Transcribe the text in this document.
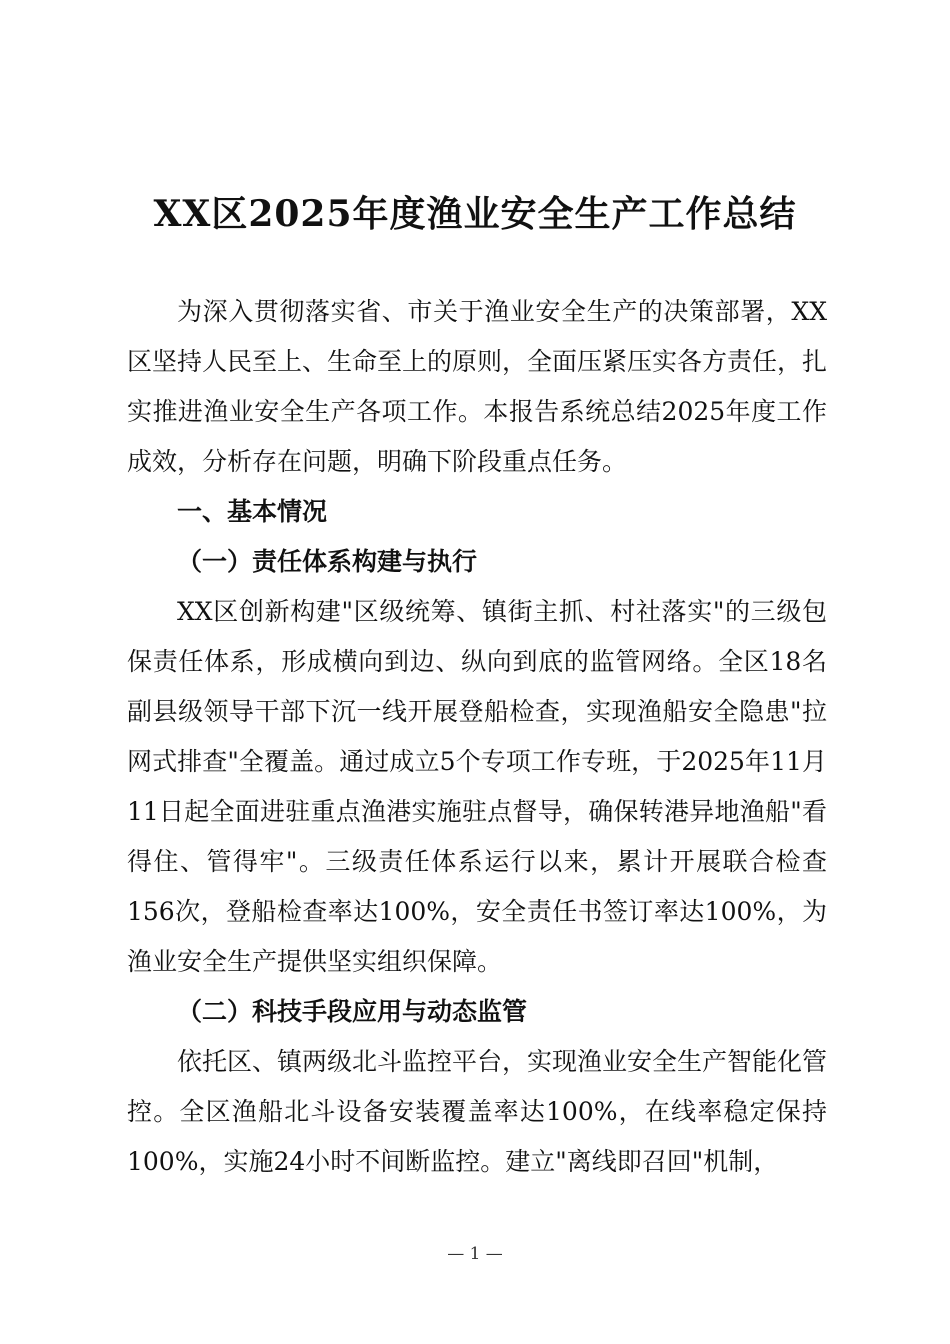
XX区2025年度渔业安全生产工作总结

为深入贯彻落实省、市关于渔业安全生产的决策部署，XX区坚持人民至上、生命至上的原则，全面压紧压实各方责任，扎实推进渔业安全生产各项工作。本报告系统总结2025年度工作成效，分析存在问题，明确下阶段重点任务。

一、基本情况
（一）责任体系构建与执行

XX区创新构建"区级统筹、镇街主抓、村社落实"的三级包保责任体系，形成横向到边、纵向到底的监管网络。全区18名副县级领导干部下沉一线开展登船检查，实现渔船安全隐患"拉网式排查"全覆盖。通过成立5个专项工作专班，于2025年11月11日起全面进驻重点渔港实施驻点督导，确保转港异地渔船"看得住、管得牢"。三级责任体系运行以来，累计开展联合检查156次，登船检查率达100%，安全责任书签订率达100%，为渔业安全生产提供坚实组织保障。

（二）科技手段应用与动态监管

依托区、镇两级北斗监控平台，实现渔业安全生产智能化管控。全区渔船北斗设备安装覆盖率达100%，在线率稳定保持100%，实施24小时不间断监控。建立"离线即召回"机制，

— 1 —
